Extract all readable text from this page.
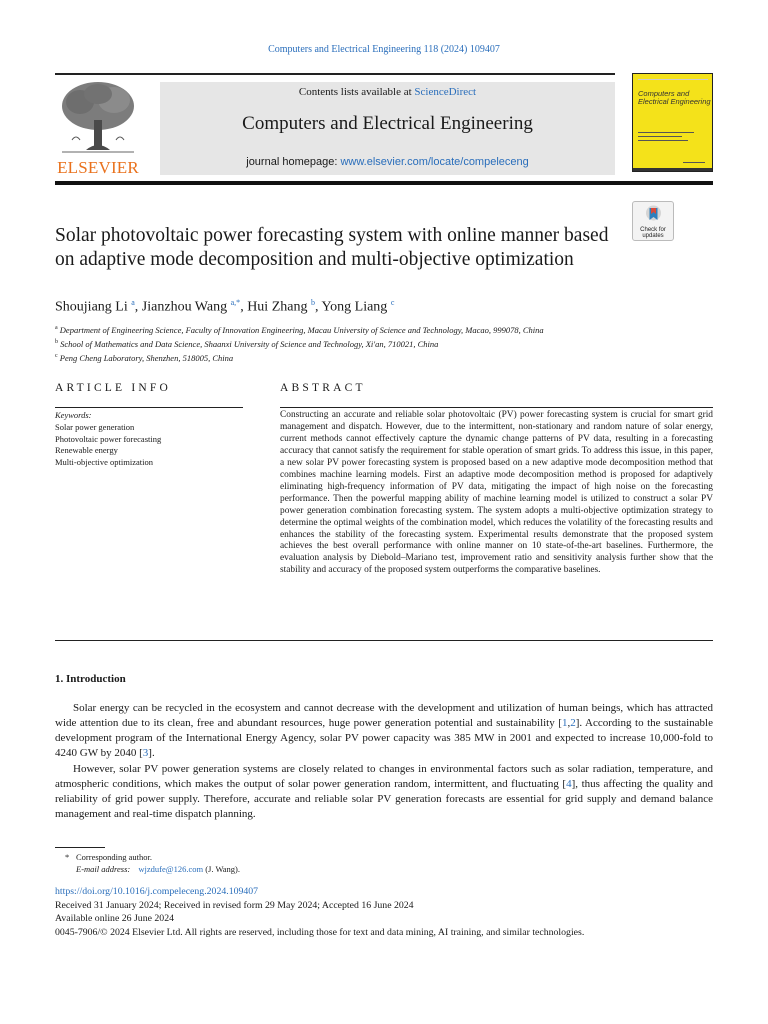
Computers and Electrical Engineering 118 (2024) 109407
ELSEVIER
Contents lists available at ScienceDirect
Computers and Electrical Engineering
journal homepage: www.elsevier.com/locate/compeleceng
Computers and
Electrical Engineering
Check for
updates
Solar photovoltaic power forecasting system with online manner based on adaptive mode decomposition and multi-objective optimization
Shoujiang Li $^a$, Jianzhou Wang $^{a,*}$, Hui Zhang $^b$, Yong Liang $^c$
$^a$ Department of Engineering Science, Faculty of Innovation Engineering, Macau University of Science and Technology, Macao, 999078, China
$^b$ School of Mathematics and Data Science, Shaanxi University of Science and Technology, Xi'an, 710021, China
$^c$ Peng Cheng Laboratory, Shenzhen, 518005, China
ARTICLE INFO	ABSTRACT
Keywords:
Solar power generation
Photovoltaic power forecasting
Renewable energy
Multi-objective optimization
Constructing an accurate and reliable solar photovoltaic (PV) power forecasting system is crucial for smart grid management and dispatch. However, due to the intermittent, non-stationary and random nature of solar energy, current methods cannot effectively capture the dynamic change patterns of PV data, resulting in a forecasting accuracy that cannot satisfy the requirement for stable operation of smart grids. To address this issue, in this paper, a new solar PV power forecasting system is proposed based on a new adaptive mode decomposition method that combines machine learning models. First an adaptive mode decomposition method is proposed for adaptively eliminating high-frequency information of PV data, mitigating the impact of high noise on the forecasting performance. Then the powerful mapping ability of machine learning model is utilized to construct a solar PV power generation combination forecasting system. The system adopts a multi-objective optimization strategy to determine the optimal weights of the combination model, which reduces the volatility of the forecasting results and enhances the stability of the forecasting system. Experimental results demonstrate that the proposed system achieves the best overall performance with online manner on 10 state-of-the-art baselines. Furthermore, the evaluation analysis by Diebold–Mariano test, improvement ratio and sensitivity analysis further show that the stability and accuracy of the proposed system outperforms the comparative baselines.
1. Introduction

Solar energy can be recycled in the ecosystem and cannot decrease with the development and utilization of human beings, which has attracted wide attention due to its clean, free and abundant resources, huge power generation potential and sustainability [1,2]. According to the sustainable development program of the International Energy Agency, solar PV power capacity was 385 MW in 2001 and expected to increase 10,000-fold to 4240 GW by 2040 [3].

However, solar PV power generation systems are closely related to changes in environmental factors such as solar radiation, temperature, and atmospheric conditions, which makes the output of solar power generation random, intermittent, and fluctuating [4], thus affecting the quality and reliability of grid power supply. Therefore, accurate and reliable solar PV generation forecasts are essential for grid supply and demand balance management and real-time dispatch planning.

* Corresponding author.
E-mail address: wjzdufe@126.com (J. Wang).
https://doi.org/10.1016/j.compeleceng.2024.109407
Received 31 January 2024; Received in revised form 29 May 2024; Accepted 16 June 2024
Available online 26 June 2024
0045-7906/© 2024 Elsevier Ltd. All rights are reserved, including those for text and data mining, AI training, and similar technologies.
